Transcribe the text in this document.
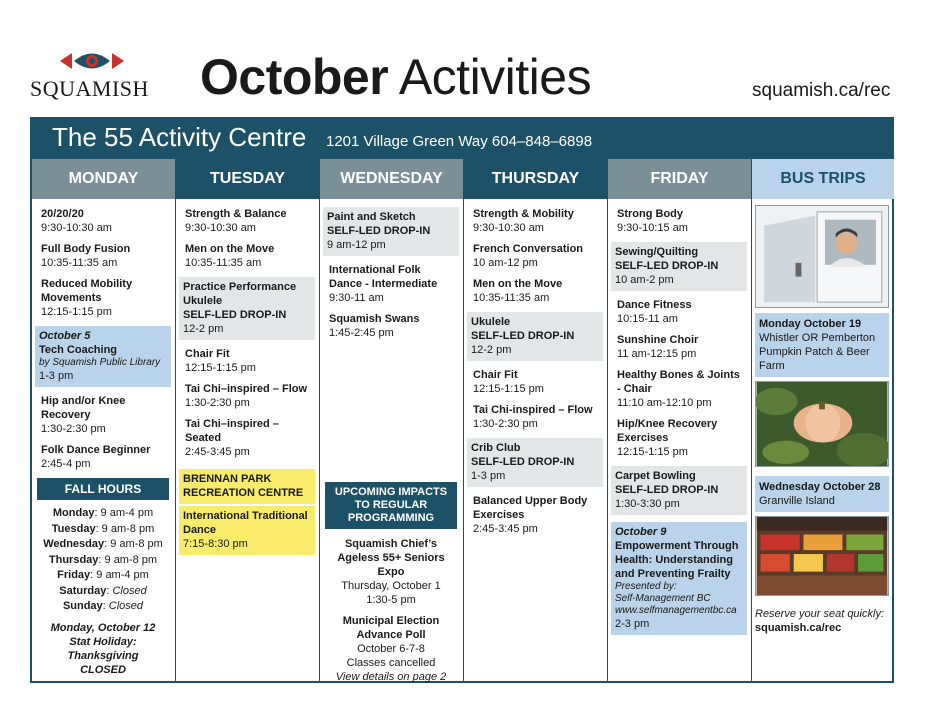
SQUAMISH October Activities	squamish.ca/rec
The 55 Activity Centre 1201 Village Green Way 604–848–6898
MONDAY
20/20/20
9:30-10:30 am
Full Body Fusion
10:35-11:35 am
Reduced Mobility Movements
12:15-1:15 pm
October 5
Tech Coaching
by Squamish Public Library
1-3 pm
Hip and/or Knee Recovery
1:30-2:30 pm
Folk Dance Beginner
2:45-4 pm
FALL HOURS
Monday: 9 am-4 pm
Tuesday: 9 am-8 pm
Wednesday: 9 am-8 pm
Thursday: 9 am-8 pm
Friday: 9 am-4 pm
Saturday: Closed
Sunday: Closed
Monday, October 12
Stat Holiday: Thanksgiving
CLOSED
TUESDAY
Strength & Balance
9:30-10:30 am
Men on the Move
10:35-11:35 am
Practice Performance Ukulele
SELF-LED DROP-IN
12-2 pm
Chair Fit
12:15-1:15 pm
Tai Chi–inspired – Flow
1:30-2:30 pm
Tai Chi–inspired – Seated
2:45-3:45 pm
BRENNAN PARK RECREATION CENTRE
International Traditional Dance
7:15-8:30 pm
WEDNESDAY
Paint and Sketch
SELF-LED DROP-IN
9 am-12 pm
International Folk Dance - Intermediate
9:30-11 am
Squamish Swans
1:45-2:45 pm
UPCOMING IMPACTS TO REGULAR PROGRAMMING
Squamish Chief’s Ageless 55+ Seniors Expo
Thursday, October 1
1:30-5 pm
Municipal Election Advance Poll
October 6-7-8
Classes cancelled
View details on page 2
THURSDAY
Strength & Mobility
9:30-10:30 am
French Conversation
10 am-12 pm
Men on the Move
10:35-11:35 am
Ukulele
SELF-LED DROP-IN
12-2 pm
Chair Fit
12:15-1:15 pm
Tai Chi-inspired – Flow
1:30-2:30 pm
Crib Club
SELF-LED DROP-IN
1-3 pm
Balanced Upper Body Exercises
2:45-3:45 pm
FRIDAY
Strong Body
9:30-10:15 am
Sewing/Quilting
SELF-LED DROP-IN
10 am-2 pm
Dance Fitness
10:15-11 am
Sunshine Choir
11 am-12:15 pm
Healthy Bones & Joints - Chair
11:10 am-12:10 pm
Hip/Knee Recovery Exercises
12:15-1:15 pm
Carpet Bowling
SELF-LED DROP-IN
1:30-3:30 pm
October 9
Empowerment Through Health: Understanding and Preventing Frailty
Presented by:
Self-Management BC
www.selfmanagementbc.ca
2-3 pm
BUS TRIPS
Monday October 19
Whistler OR Pemberton Pumpkin Patch & Beer Farm
Wednesday October 28
Granville Island
Reserve your seat quickly:
squamish.ca/rec
